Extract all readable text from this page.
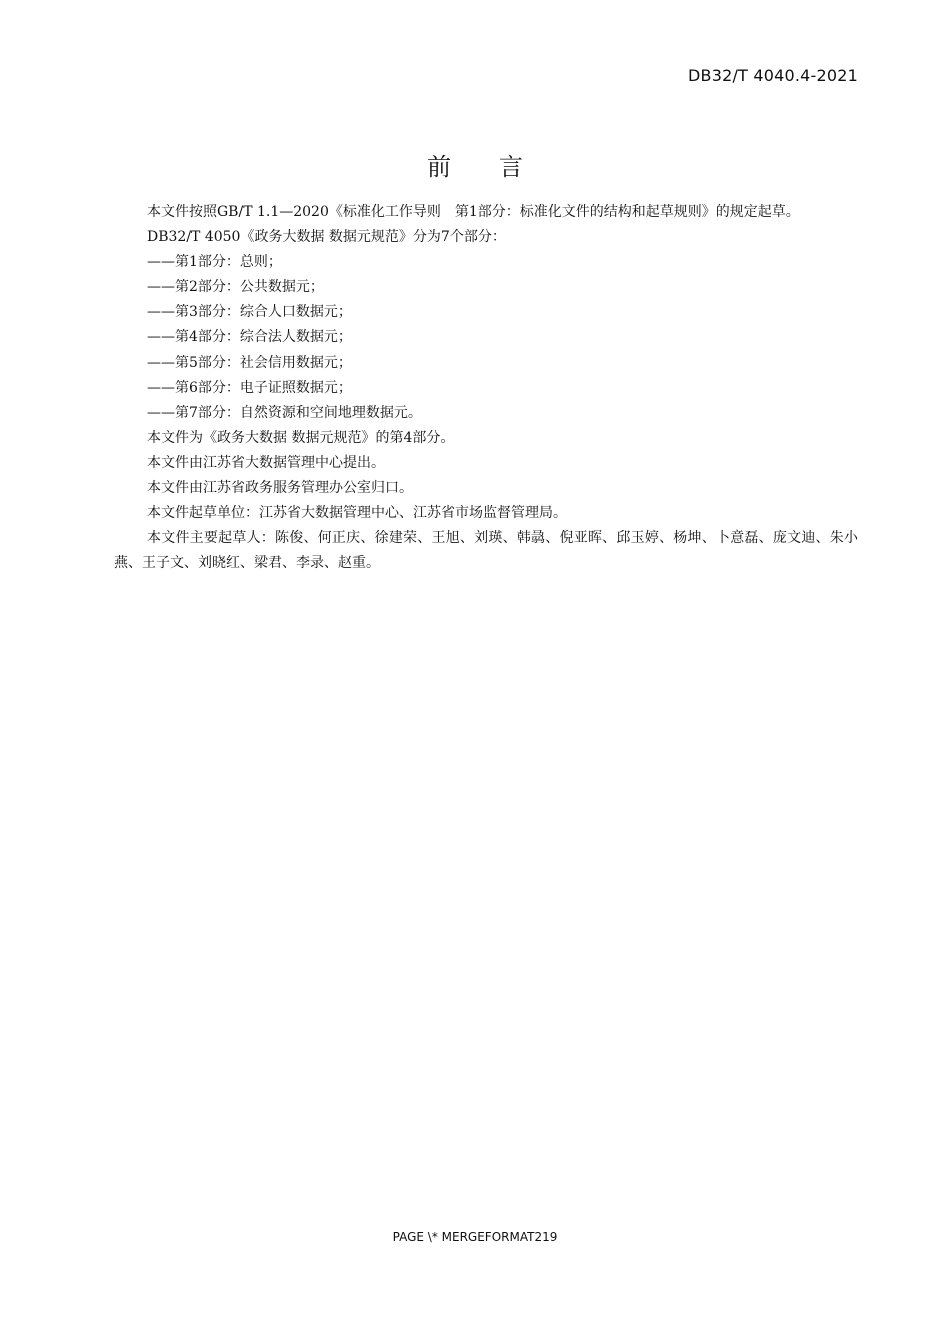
DB32/T 4040.4-2021
前　　言

本文件按照GB/T 1.1—2020《标准化工作导则　第1部分：标准化文件的结构和起草规则》的规定起草。

DB32/T 4050《政务大数据 数据元规范》分为7个部分：

——第1部分：总则；

——第2部分：公共数据元；

——第3部分：综合人口数据元；

——第4部分：综合法人数据元；

——第5部分：社会信用数据元；

——第6部分：电子证照数据元；

——第7部分：自然资源和空间地理数据元。

本文件为《政务大数据 数据元规范》的第4部分。

本文件由江苏省大数据管理中心提出。

本文件由江苏省政务服务管理办公室归口。

本文件起草单位：江苏省大数据管理中心、江苏省市场监督管理局。

本文件主要起草人：陈俊、何正庆、徐建荣、王旭、刘瑛、韩骉、倪亚晖、邱玉婷、杨坤、卜意磊、庞文迪、朱小燕、王子文、刘晓红、梁君、李录、赵重。

PAGE \* MERGEFORMAT219
